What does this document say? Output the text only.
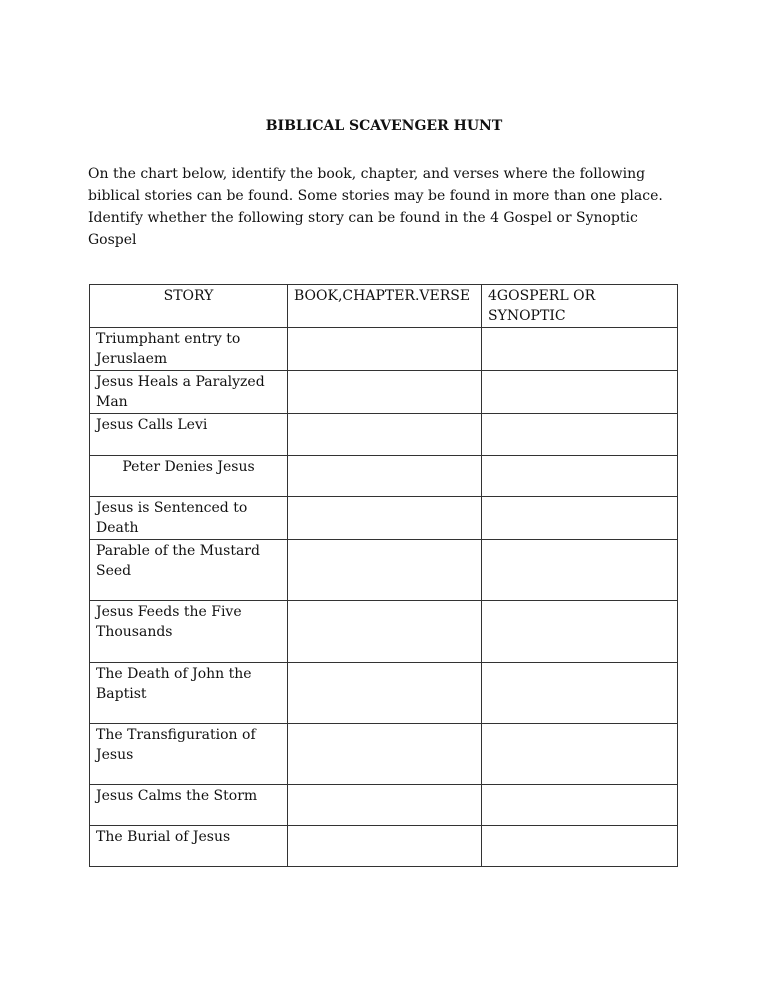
BIBLICAL SCAVENGER HUNT
On the chart below, identify the book, chapter, and verses where the following biblical stories can be found. Some stories may be found in more than one place. Identify whether the following story can be found in the 4 Gospel or Synoptic Gospel
STORY	BOOK,CHAPTER.VERSE	4GOSPERL OR SYNOPTIC
Triumphant entry to Jeruslaem		
Jesus Heals a Paralyzed Man		
Jesus Calls Levi		
Peter Denies Jesus		
Jesus is Sentenced to Death		
Parable of the Mustard Seed		
Jesus Feeds the Five Thousands		
The Death of John the Baptist		
The Transfiguration of Jesus		
Jesus Calms the Storm		
The Burial of Jesus		
